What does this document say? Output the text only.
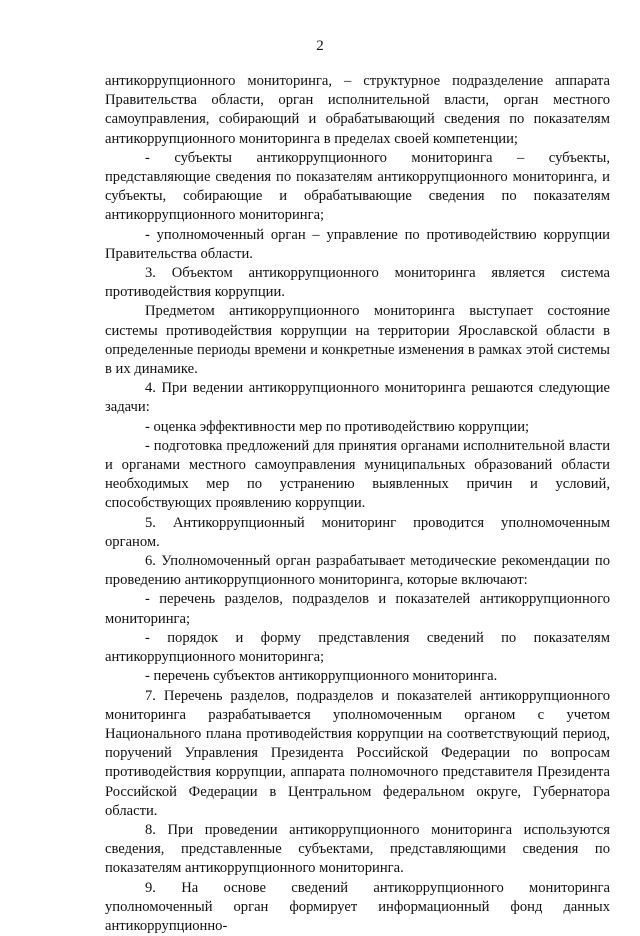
2

антикоррупционного мониторинга, – структурное подразделение аппарата Правительства области, орган исполнительной власти, орган местного самоуправления, собирающий и обрабатывающий сведения по показателям антикоррупционного мониторинга в пределах своей компетенции;

- субъекты антикоррупционного мониторинга – субъекты, представляющие сведения по показателям антикоррупционного мониторинга, и субъекты, собирающие и обрабатывающие сведения по показателям антикоррупционного мониторинга;

- уполномоченный орган – управление по противодействию коррупции Правительства области.

3. Объектом антикоррупционного мониторинга является система противодействия коррупции.

Предметом антикоррупционного мониторинга выступает состояние системы противодействия коррупции на территории Ярославской области в определенные периоды времени и конкретные изменения в рамках этой системы в их динамике.

4. При ведении антикоррупционного мониторинга решаются следующие задачи:

- оценка эффективности мер по противодействию коррупции;

- подготовка предложений для принятия органами исполнительной власти и органами местного самоуправления муниципальных образований области необходимых мер по устранению выявленных причин и условий, способствующих проявлению коррупции.

5. Антикоррупционный мониторинг проводится уполномоченным органом.

6. Уполномоченный орган разрабатывает методические рекомендации по проведению антикоррупционного мониторинга, которые включают:

- перечень разделов, подразделов и показателей антикоррупционного мониторинга;

- порядок и форму представления сведений по показателям антикоррупционного мониторинга;

- перечень субъектов антикоррупционного мониторинга.

7. Перечень разделов, подразделов и показателей антикоррупционного мониторинга разрабатывается уполномоченным органом с учетом Национального плана противодействия коррупции на соответствующий период, поручений Управления Президента Российской Федерации по вопросам противодействия коррупции, аппарата полномочного представителя Президента Российской Федерации в Центральном федеральном округе, Губернатора области.

8. При проведении антикоррупционного мониторинга используются сведения, представленные субъектами, представляющими сведения по показателям антикоррупционного мониторинга.

9. На основе сведений антикоррупционного мониторинга уполномоченный орган формирует информационный фонд данных антикоррупционно-
